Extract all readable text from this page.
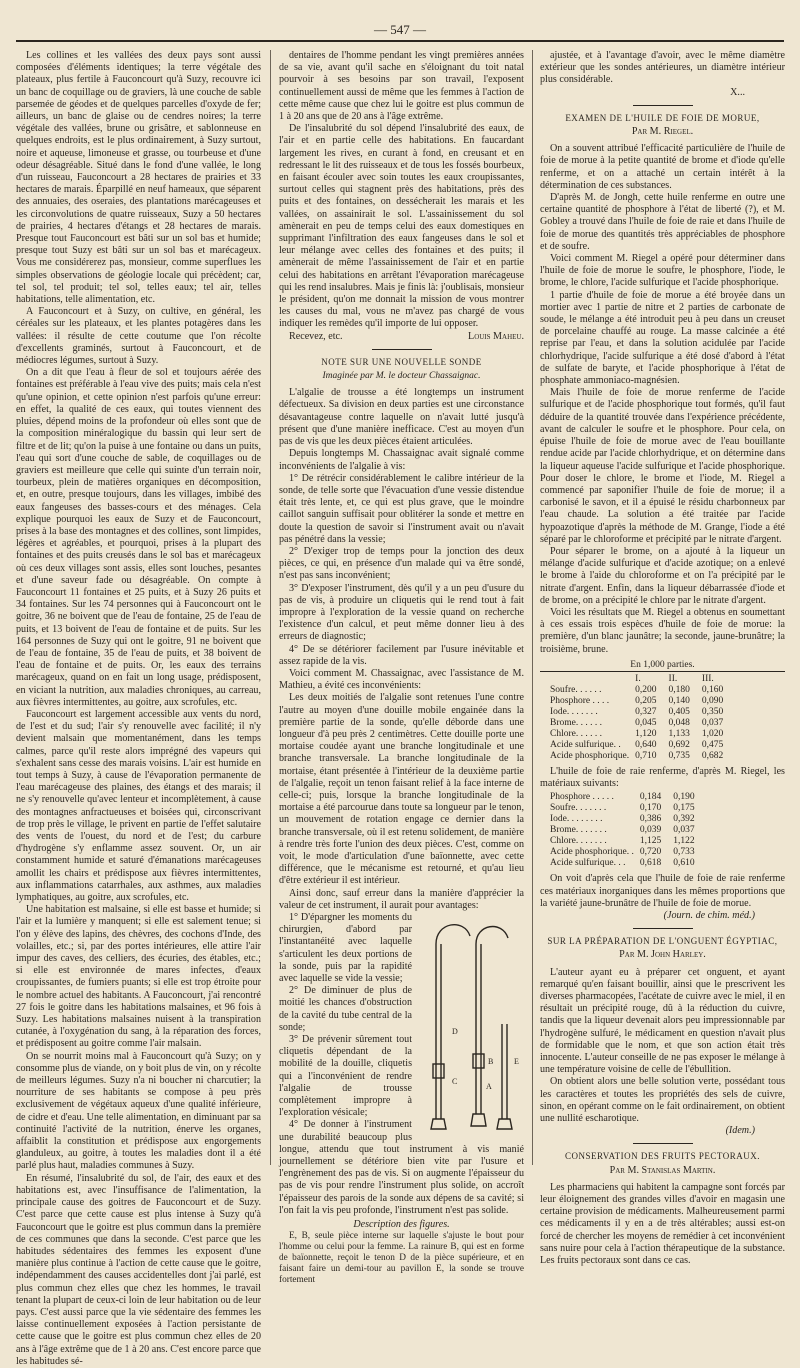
— 547 —

Les collines et les vallées des deux pays sont aussi composées d'éléments identiques; la terre végétale des plateaux, plus fertile à Fauconcourt qu'à Suzy, recouvre ici un banc de coquillage ou de graviers, là une couche de sable parsemée de géodes et de quelques parcelles d'oxyde de fer; ailleurs, un banc de glaise ou de cendres noires; la terre végétale des vallées, brune ou grisâtre, et sablonneuse en quelques endroits, est le plus ordinairement, à Suzy surtout, noire et aqueuse, limoneuse et grasse, ou tourbeuse et d'une odeur désagréable. Situé dans le fond d'une vallée, le long d'un ruisseau, Fauconcourt a 28 hectares de prairies et 33 hectares de marais. Éparpillé en neuf hameaux, que séparent des annuaies, des oseraies, des plantations marécageuses et les circonvolutions de quatre ruisseaux, Suzy a 50 hectares de prairies, 4 hectares d'étangs et 28 hectares de marais. Presque tout Fauconcourt est bâti sur un sol bas et humide; presque tout Suzy est bâti sur un sol bas et marécageux. Vous me considérerez pas, monsieur, comme superflues les simples observations de géologie locale qui précèdent; car, tel sol, tel produit; tel sol, telles eaux; tel air, telles habitations, telle alimentation, etc.

A Fauconcourt et à Suzy, on cultive, en général, les céréales sur les plateaux, et les plantes potagères dans les vallées: il résulte de cette coutume que l'on récolte d'excellents graminés, surtout à Fauconcourt, et de médiocres légumes, surtout à Suzy.

On a dit que l'eau à fleur de sol et toujours aérée des fontaines est préférable à l'eau vive des puits; mais cela n'est qu'une opinion, et cette opinion n'est parfois qu'une erreur: en effet, la qualité de ces eaux, qui toutes viennent des pluies, dépend moins de la profondeur où elles sont que de la composition minéralogique du bassin qui leur sert de filtre et de lit; qu'on la puise à une fontaine ou dans un puits, l'eau qui sort d'une couche de sable, de coquillages ou de graviers est meilleure que celle qui suinte d'un terrain noir, tourbeux, plein de matières organiques en décomposition, et, en outre, presque toujours, dans les villages, imbibé des eaux fangeuses des basses-cours et des ménages. Cela explique pourquoi les eaux de Suzy et de Fauconcourt, prises à la base des montagnes et des collines, sont limpides, légères et agréables, et pourquoi, prises à la plupart des fontaines et des puits creusés dans le sol bas et marécageux où ces deux villages sont assis, elles sont louches, pesantes et d'une saveur fade ou désagréable. On compte à Fauconcourt 11 fontaines et 25 puits, et à Suzy 26 puits et 34 fontaines. Sur les 74 personnes qui à Fauconcourt ont le goitre, 36 ne boivent que de l'eau de fontaine, 25 de l'eau de puits, et 13 boivent de l'eau de fontaine et de puits. Sur les 164 personnes de Suzy qui ont le goitre, 91 ne boivent que de l'eau de fontaine, 35 de l'eau de puits, et 38 boivent de l'eau de fontaine et de puits. Or, les eaux des terrains marécageux, quand on en fait un long usage, prédisposent, en viciant la nutrition, aux maladies chroniques, au carreau, aux fièvres intermittentes, au goitre, aux scrofules, etc.

Fauconcourt est largement accessible aux vents du nord, de l'est et du sud; l'air s'y renouvelle avec facilité; il n'y devient malsain que momentanément, dans les temps calmes, parce qu'il reste alors imprégné des vapeurs qui s'exhalent sans cesse des marais voisins. L'air est humide en tout temps à Suzy, à cause de l'évaporation permanente de l'eau marécageuse des plaines, des étangs et des marais; il ne s'y renouvelle qu'avec lenteur et incomplètement, à cause des montagnes anfractueuses et boisées qui, circonscrivant de trop près le village, le privent en partie de l'effet salutaire des vents de l'ouest, du nord et de l'est; du carbure d'hydrogène s'y enflamme assez souvent. Or, un air constamment humide et saturé d'émanations marécageuses amollit les chairs et prédispose aux fièvres intermittentes, aux inflammations catarrhales, aux asthmes, aux maladies lymphatiques, au goitre, aux scrofules, etc.

Une habitation est malsaine, si elle est basse et humide; si l'air et la lumière y manquent; si elle est salement tenue; si l'on y élève des lapins, des chèvres, des cochons d'Inde, des volailles, etc.; si, par des portes intérieures, elle attire l'air impur des caves, des celliers, des écuries, des étables, etc.; si elle est environnée de mares infectes, d'eaux croupissantes, de fumiers puants; si elle est trop étroite pour le nombre actuel des habitants. A Fauconcourt, j'ai rencontré 27 fois le goitre dans les habitations malsaines, et 96 fois à Suzy. Les habitations malsaines nuisent à la transpiration cutanée, à l'oxygénation du sang, à la réparation des forces, et prédisposent au goitre comme l'air malsain.

On se nourrit moins mal à Fauconcourt qu'à Suzy; on y consomme plus de viande, on y boit plus de vin, on y récolte de meilleurs légumes. Suzy n'a ni boucher ni charcutier; la nourriture de ses habitants se compose à peu près exclusivement de végétaux aqueux d'une qualité inférieure, de cidre et d'eau. Une telle alimentation, en diminuant par sa continuité l'activité de la nutrition, énerve les organes, affaiblit la constitution et prédispose aux engorgements glanduleux, au goitre, à toutes les maladies dont il a été parlé plus haut, maladies communes à Suzy.

En résumé, l'insalubrité du sol, de l'air, des eaux et des habitations est, avec l'insuffisance de l'alimentation, la principale cause des goitres de Fauconcourt et de Suzy. C'est parce que cette cause est plus intense à Suzy qu'à Fauconcourt que le goitre est plus commun dans la première de ces communes que dans la seconde. C'est parce que les habitudes sédentaires des femmes les exposent d'une manière plus continue à l'action de cette cause que le goitre, indépendamment des causes accidentelles dont j'ai parlé, est plus commun chez elles que chez les hommes, le travail tenant la plupart de ceux-ci loin de leur habitation ou de leur pays. C'est aussi parce que la vie sédentaire des femmes les laisse continuellement exposées à l'action persistante de cette cause que le goitre est plus commun chez elles de 20 ans à l'âge extrême que de 1 à 20 ans. C'est encore parce que les habitudes sé-

dentaires de l'homme pendant les vingt premières années de sa vie, avant qu'il sache en s'éloignant du toit natal pourvoir à ses besoins par son travail, l'exposent continuellement aussi de même que les femmes à l'action de cette même cause que chez lui le goitre est plus commun de 1 à 20 ans que de 20 ans à l'âge extrême.

De l'insalubrité du sol dépend l'insalubrité des eaux, de l'air et en partie celle des habitations. En faucardant largement les rives, en curant à fond, en creusant et en redressant le lit des ruisseaux et de tous les fossés bourbeux, en faisant écouler avec soin toutes les eaux croupissantes, surtout celles qui stagnent près des habitations, près des puits et des fontaines, on dessécherait les marais et les vallées, on assainirait le sol. L'assainissement du sol amènerait en peu de temps celui des eaux domestiques en supprimant l'infiltration des eaux fangeuses dans le sol et leur mélange avec celles des fontaines et des puits; il amènerait de même l'assainissement de l'air et en partie celui des habitations en arrêtant l'évaporation marécageuse qui les rend insalubres. Mais je finis là: j'oublisais, monsieur le président, qu'on me donnait la mission de vous montrer les causes du mal, vous ne m'avez pas chargé de vous indiquer les remèdes qu'il importe de lui opposer.

Recevez, etc.	Louis Maheu.

NOTE SUR UNE NOUVELLE SONDE
Imaginée par M. le docteur Chassaignac.

L'algalie de trousse a été longtemps un instrument défectueux. Sa division en deux parties est une circonstance désavantageuse contre laquelle on n'avait lutté jusqu'à présent que d'une manière inefficace. C'est au moyen d'un pas de vis que les deux pièces étaient articulées.

Depuis longtemps M. Chassaignac avait signalé comme inconvénients de l'algalie à vis:

1° De rétrécir considérablement le calibre intérieur de la sonde, de telle sorte que l'évacuation d'une vessie distendue était très lente, et, ce qui est plus grave, que le moindre caillot sanguin suffisait pour oblitérer la sonde et mettre en doute la question de savoir si l'instrument avait ou n'avait pas pénétré dans la vessie;

2° D'exiger trop de temps pour la jonction des deux pièces, ce qui, en présence d'un malade qui va être sondé, n'est pas sans inconvénient;

3° D'exposer l'instrument, dès qu'il y a un peu d'usure du pas de vis, à produire un cliquetis qui le rend tout à fait impropre à l'exploration de la vessie quand on recherche l'existence d'un calcul, et peut même donner lieu à des erreurs de diagnostic;

4° De se détériorer facilement par l'usure inévitable et assez rapide de la vis.

Voici comment M. Chassaignac, avec l'assistance de M. Mathieu, a évité ces inconvénients:

Les deux moitiés de l'algalie sont retenues l'une contre l'autre au moyen d'une douille mobile engainée dans la première partie de la sonde, qu'elle déborde dans une longueur d'à peu près 2 centimètres. Cette douille porte une mortaise coudée ayant une branche longitudinale et une branche transversale. La branche longitudinale de la mortaise, étant présentée à l'intérieur de la deuxième partie de l'algalie, reçoit un tenon faisant relief à la face interne de celle-ci; puis, lorsque la branche longitudinale de la mortaise a été parcourue dans toute sa longueur par le tenon, un mouvement de rotation engage ce dernier dans la branche transversale, où il est retenu solidement, de manière à rendre très forte l'union des deux pièces. C'est, comme on voit, le mode d'articulation d'une baïonnette, avec cette différence, que le mécanisme est retourné, et qu'au lieu d'être extérieur il est intérieur.

Ainsi donc, sauf erreur dans la manière d'apprécier la valeur de cet instrument, il aurait pour avantages:

D
B	E
C
A

1° D'épargner les moments du chirurgien, d'abord par l'instantanéité avec laquelle s'articulent les deux portions de la sonde, puis par la rapidité avec laquelle se vide la vessie;

2° De diminuer de plus de moitié les chances d'obstruction de la cavité du tube central de la sonde;

3° De prévenir sûrement tout cliquetis dépendant de la mobilité de la douille, cliquetis qui a l'inconvénient de rendre l'algalie de trousse complètement impropre à l'exploration vésicale;

4° De donner à l'instrument une durabilité beaucoup plus longue, attendu que tout instrument à vis manié journellement se détériore bien vite par l'usure et l'engrènement des pas de vis. Si on augmente l'épaisseur du pas de vis pour rendre l'instrument plus solide, on accroît l'épaisseur des parois de la sonde aux dépens de sa cavité; si l'on fait la vis peu profonde, l'instrument n'est pas solide.

Description des figures.

E, B, seule pièce interne sur laquelle s'ajuste le bout pour l'homme ou celui pour la femme. La rainure B, qui est en forme de baïonnette, reçoit le tenon D de la pièce supérieure, et en faisant faire un demi-tour au pavillon E, la sonde se trouve fortement

ajustée, et à l'avantage d'avoir, avec le même diamètre extérieur que les sondes antérieures, un diamètre intérieur plus considérable.

X...

EXAMEN DE L'HUILE DE FOIE DE MORUE,
Par M. Riegel.

On a souvent attribué l'efficacité particulière de l'huile de foie de morue à la petite quantité de brome et d'iode qu'elle renferme, et on a attaché un certain intérêt à la détermination de ces substances.

D'après M. de Jongh, cette huile renferme en outre une certaine quantité de phosphore à l'état de liberté (?), et M. Gobley a trouvé dans l'huile de foie de raie et dans l'huile de foie de morue des quantités très appréciables de phosphore et de soufre.

Voici comment M. Riegel a opéré pour déterminer dans l'huile de foie de morue le soufre, le phosphore, l'iode, le brome, le chlore, l'acide sulfurique et l'acide phosphorique.

1 partie d'huile de foie de morue a été broyée dans un mortier avec 1 partie de nitre et 2 parties de carbonate de soude, le mélange a été introduit peu à peu dans un creuset de porcelaine chauffé au rouge. La masse calcinée a été reprise par l'eau, et dans la solution acidulée par l'acide chlorhydrique, l'acide sulfurique a été dosé d'abord à l'état de sulfate de baryte, et l'acide phosphorique à l'état de phosphate ammoniaco-magnésien.

Mais l'huile de foie de morue renferme de l'acide sulfurique et de l'acide phosphorique tout formés, qu'il faut déduire de la quantité trouvée dans l'expérience précédente, avant de calculer le soufre et le phosphore. Pour cela, on épuise l'huile de foie de morue avec de l'eau bouillante rendue acide par l'acide chlorhydrique, et on détermine dans la liqueur aqueuse l'acide sulfurique et l'acide phosphorique. Pour doser le chlore, le brome et l'iode, M. Riegel a commencé par saponifier l'huile de foie de morue; il a carbonisé le savon, et il a épuisé le résidu charbonneux par l'eau chaude. La solution a été traitée par l'acide hypoazotique d'après la méthode de M. Grange, l'iode a été séparé par le chloroforme et précipité par le nitrate d'argent.

Pour séparer le brome, on a ajouté à la liqueur un mélange d'acide sulfurique et d'acide azotique; on a enlevé le brome à l'aide du chloroforme et on l'a précipité par le nitrate d'argent. Enfin, dans la liqueur débarrassée d'iode et de brome, on a précipité le chlore par le nitrate d'argent.

Voici les résultats que M. Riegel a obtenus en soumettant à ces essais trois espèces d'huile de foie de morue: la première, d'un blanc jaunâtre; la seconde, jaune-brunâtre; la troisième, brune.

En 1,000 parties.
	I.	II.	III.
Soufre. . . . . .	0,200	0,180	0,160
Phosphore . . . .	0,205	0,140	0,090
Iode. . . . . . .	0,327	0,405	0,350
Brome. . . . . .	0,045	0,048	0,037
Chlore. . . . . .	1,120	1,133	1,020
Acide sulfurique. .	0,640	0,692	0,475
Acide phosphorique.	0,710	0,735	0,682

L'huile de foie de raie renferme, d'après M. Riegel, les matériaux suivants:

Phosphore . . . . .	0,184	0,190
Soufre. . . . . . .	0,170	0,175
Iode. . . . . . . .	0,386	0,392
Brome. . . . . . .	0,039	0,037
Chlore. . . . . . .	1,125	1,122
Acide phosphorique. .	0,720	0,733
Acide sulfurique. . .	0,618	0,610

On voit d'après cela que l'huile de foie de raie renferme ces matériaux inorganiques dans les mêmes proportions que la variété jaune-brunâtre de l'huile de foie de morue.

(Journ. de chim. méd.)

SUR LA PRÉPARATION DE L'ONGUENT ÉGYPTIAC,
Par M. John Harley.

L'auteur ayant eu à préparer cet onguent, et ayant remarqué qu'en faisant bouillir, ainsi que le prescrivent les diverses pharmacopées, l'acétate de cuivre avec le miel, il en résultait un précipité rouge, dû à la réduction du cuivre, tandis que la liqueur devenait alors peu impressionnable par l'hydrogène sulfuré, le médicament en question n'avait plus de formidable que le nom, et que son action était très innocente. L'auteur conseille de ne pas exposer le mélange à une température voisine de celle de l'ébullition.

On obtient alors une belle solution verte, possédant tous les caractères et toutes les propriétés des sels de cuivre, sinon, en opérant comme on le fait ordinairement, on obtient une nullité escharotique.

(Idem.)

CONSERVATION DES FRUITS PECTORAUX.
Par M. Stanislas Martin.

Les pharmaciens qui habitent la campagne sont forcés par leur éloignement des grandes villes d'avoir en magasin une certaine provision de médicaments. Malheureusement parmi ces médicaments il y en a de très altérables; aussi est-on forcé de chercher les moyens de remédier à cet inconvénient sans nuire pour cela à l'action thérapeutique de la substance. Les fruits pectoraux sont dans ce cas.
